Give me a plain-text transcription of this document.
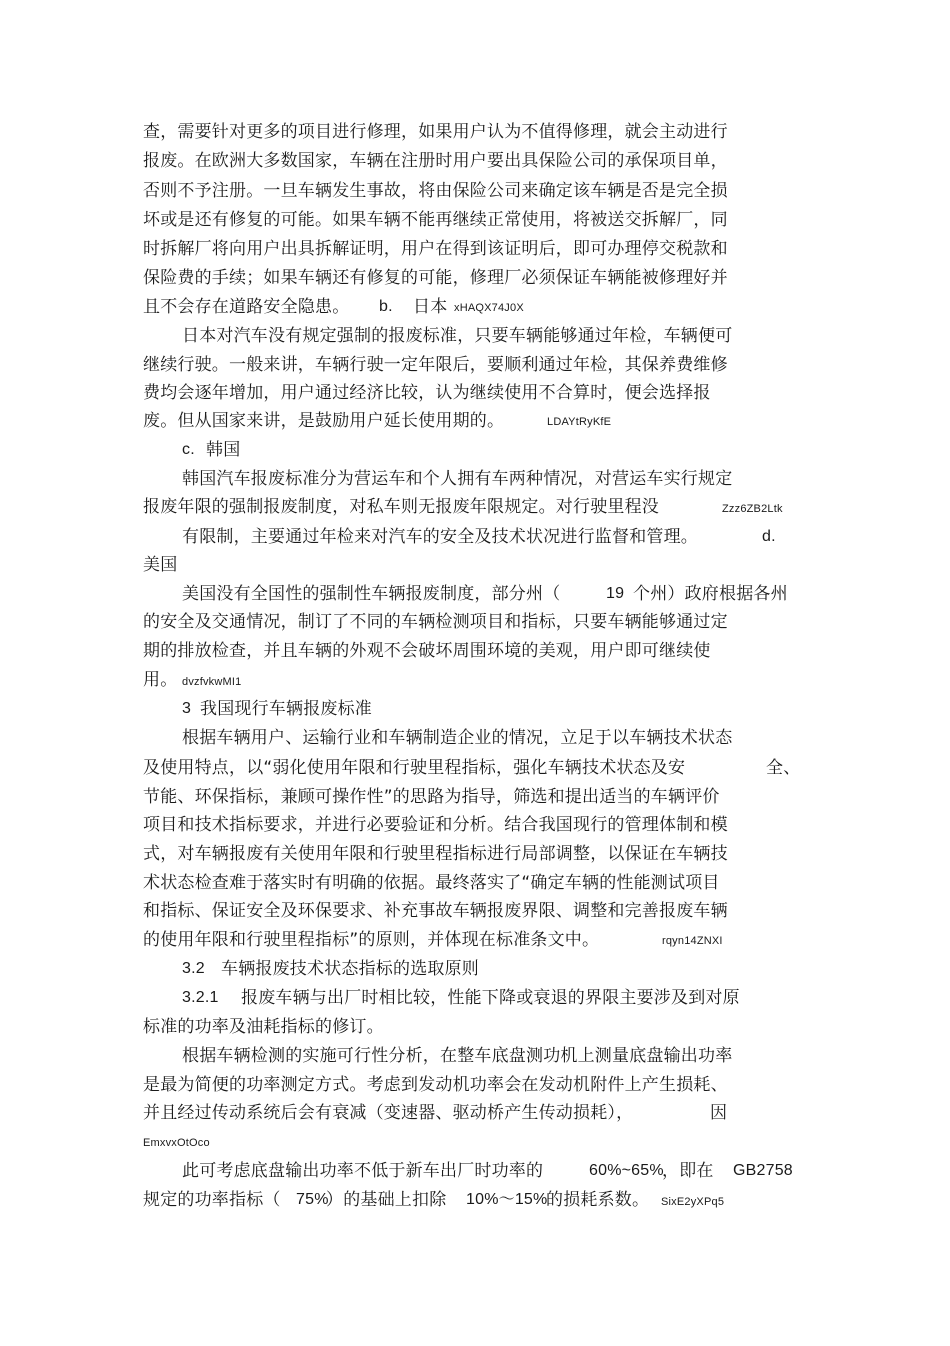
查，需要针对更多的项目进行修理，如果用户认为不值得修理，就会主动进行
报废。在欧洲大多数国家，车辆在注册时用户要出具保险公司的承保项目单，
否则不予注册。一旦车辆发生事故，将由保险公司来确定该车辆是否是完全损
坏或是还有修复的可能。如果车辆不能再继续正常使用，将被送交拆解厂，同
时拆解厂将向用户出具拆解证明，用户在得到该证明后，即可办理停交税款和
保险费的手续；如果车辆还有修复的可能，修理厂必须保证车辆能被修理好并
且不会存在道路安全隐患。 b. 日本 xHAQX74J0X
日本对汽车没有规定强制的报废标准，只要车辆能够通过年检，车辆便可
继续行驶。一般来讲，车辆行驶一定年限后，要顺利通过年检，其保养费维修
费均会逐年增加，用户通过经济比较，认为继续使用不合算时，便会选择报
废。但从国家来讲，是鼓励用户延长使用期的。	LDAYtRyKfE
c. 韩国
韩国汽车报废标准分为营运车和个人拥有车两种情况，对营运车实行规定
报废年限的强制报废制度，对私车则无报废年限规定。对行驶里程没	Zzz6ZB2Ltk
有限制，主要通过年检来对汽车的安全及技术状况进行监督和管理。	d.
美国
美国没有全国性的强制性车辆报废制度，部分州（	19 个州）政府根据各州
的安全及交通情况，制订了不同的车辆检测项目和指标，只要车辆能够通过定
期的排放检查，并且车辆的外观不会破坏周围环境的美观，用户即可继续使
用。 dvzfvkwMI1
3 我国现行车辆报废标准
根据车辆用户、运输行业和车辆制造企业的情况，立足于以车辆技术状态
及使用特点，以“弱化使用年限和行驶里程指标，强化车辆技术状态及安	全、
节能、环保指标，兼顾可操作性”的思路为指导，筛选和提出适当的车辆评价
项目和技术指标要求，并进行必要验证和分析。结合我国现行的管理体制和模
式，对车辆报废有关使用年限和行驶里程指标进行局部调整，以保证在车辆技
术状态检查难于落实时有明确的依据。最终落实了“确定车辆的性能测试项目
和指标、保证安全及环保要求、补充事故车辆报废界限、调整和完善报废车辆
的使用年限和行驶里程指标”的原则，并体现在标准条文中。	rqyn14ZNXI
3.2 车辆报废技术状态指标的选取原则
3.2.1 报废车辆与出厂时相比较，性能下降或衰退的界限主要涉及到对原
标准的功率及油耗指标的修订。
根据车辆检测的实施可行性分析，在整车底盘测功机上测量底盘输出功率
是最为简便的功率测定方式。考虑到发动机功率会在发动机附件上产生损耗、
并且经过传动系统后会有衰减（变速器、驱动桥产生传动损耗），	因
EmxvxOtOco
此可考虑底盘输出功率不低于新车出厂时功率的	60%~65%
，即在 GB2758
规定的功率指标（ 75%
）的基础上扣除 10%～15%
的损耗系数。 SixE2yXPq5
